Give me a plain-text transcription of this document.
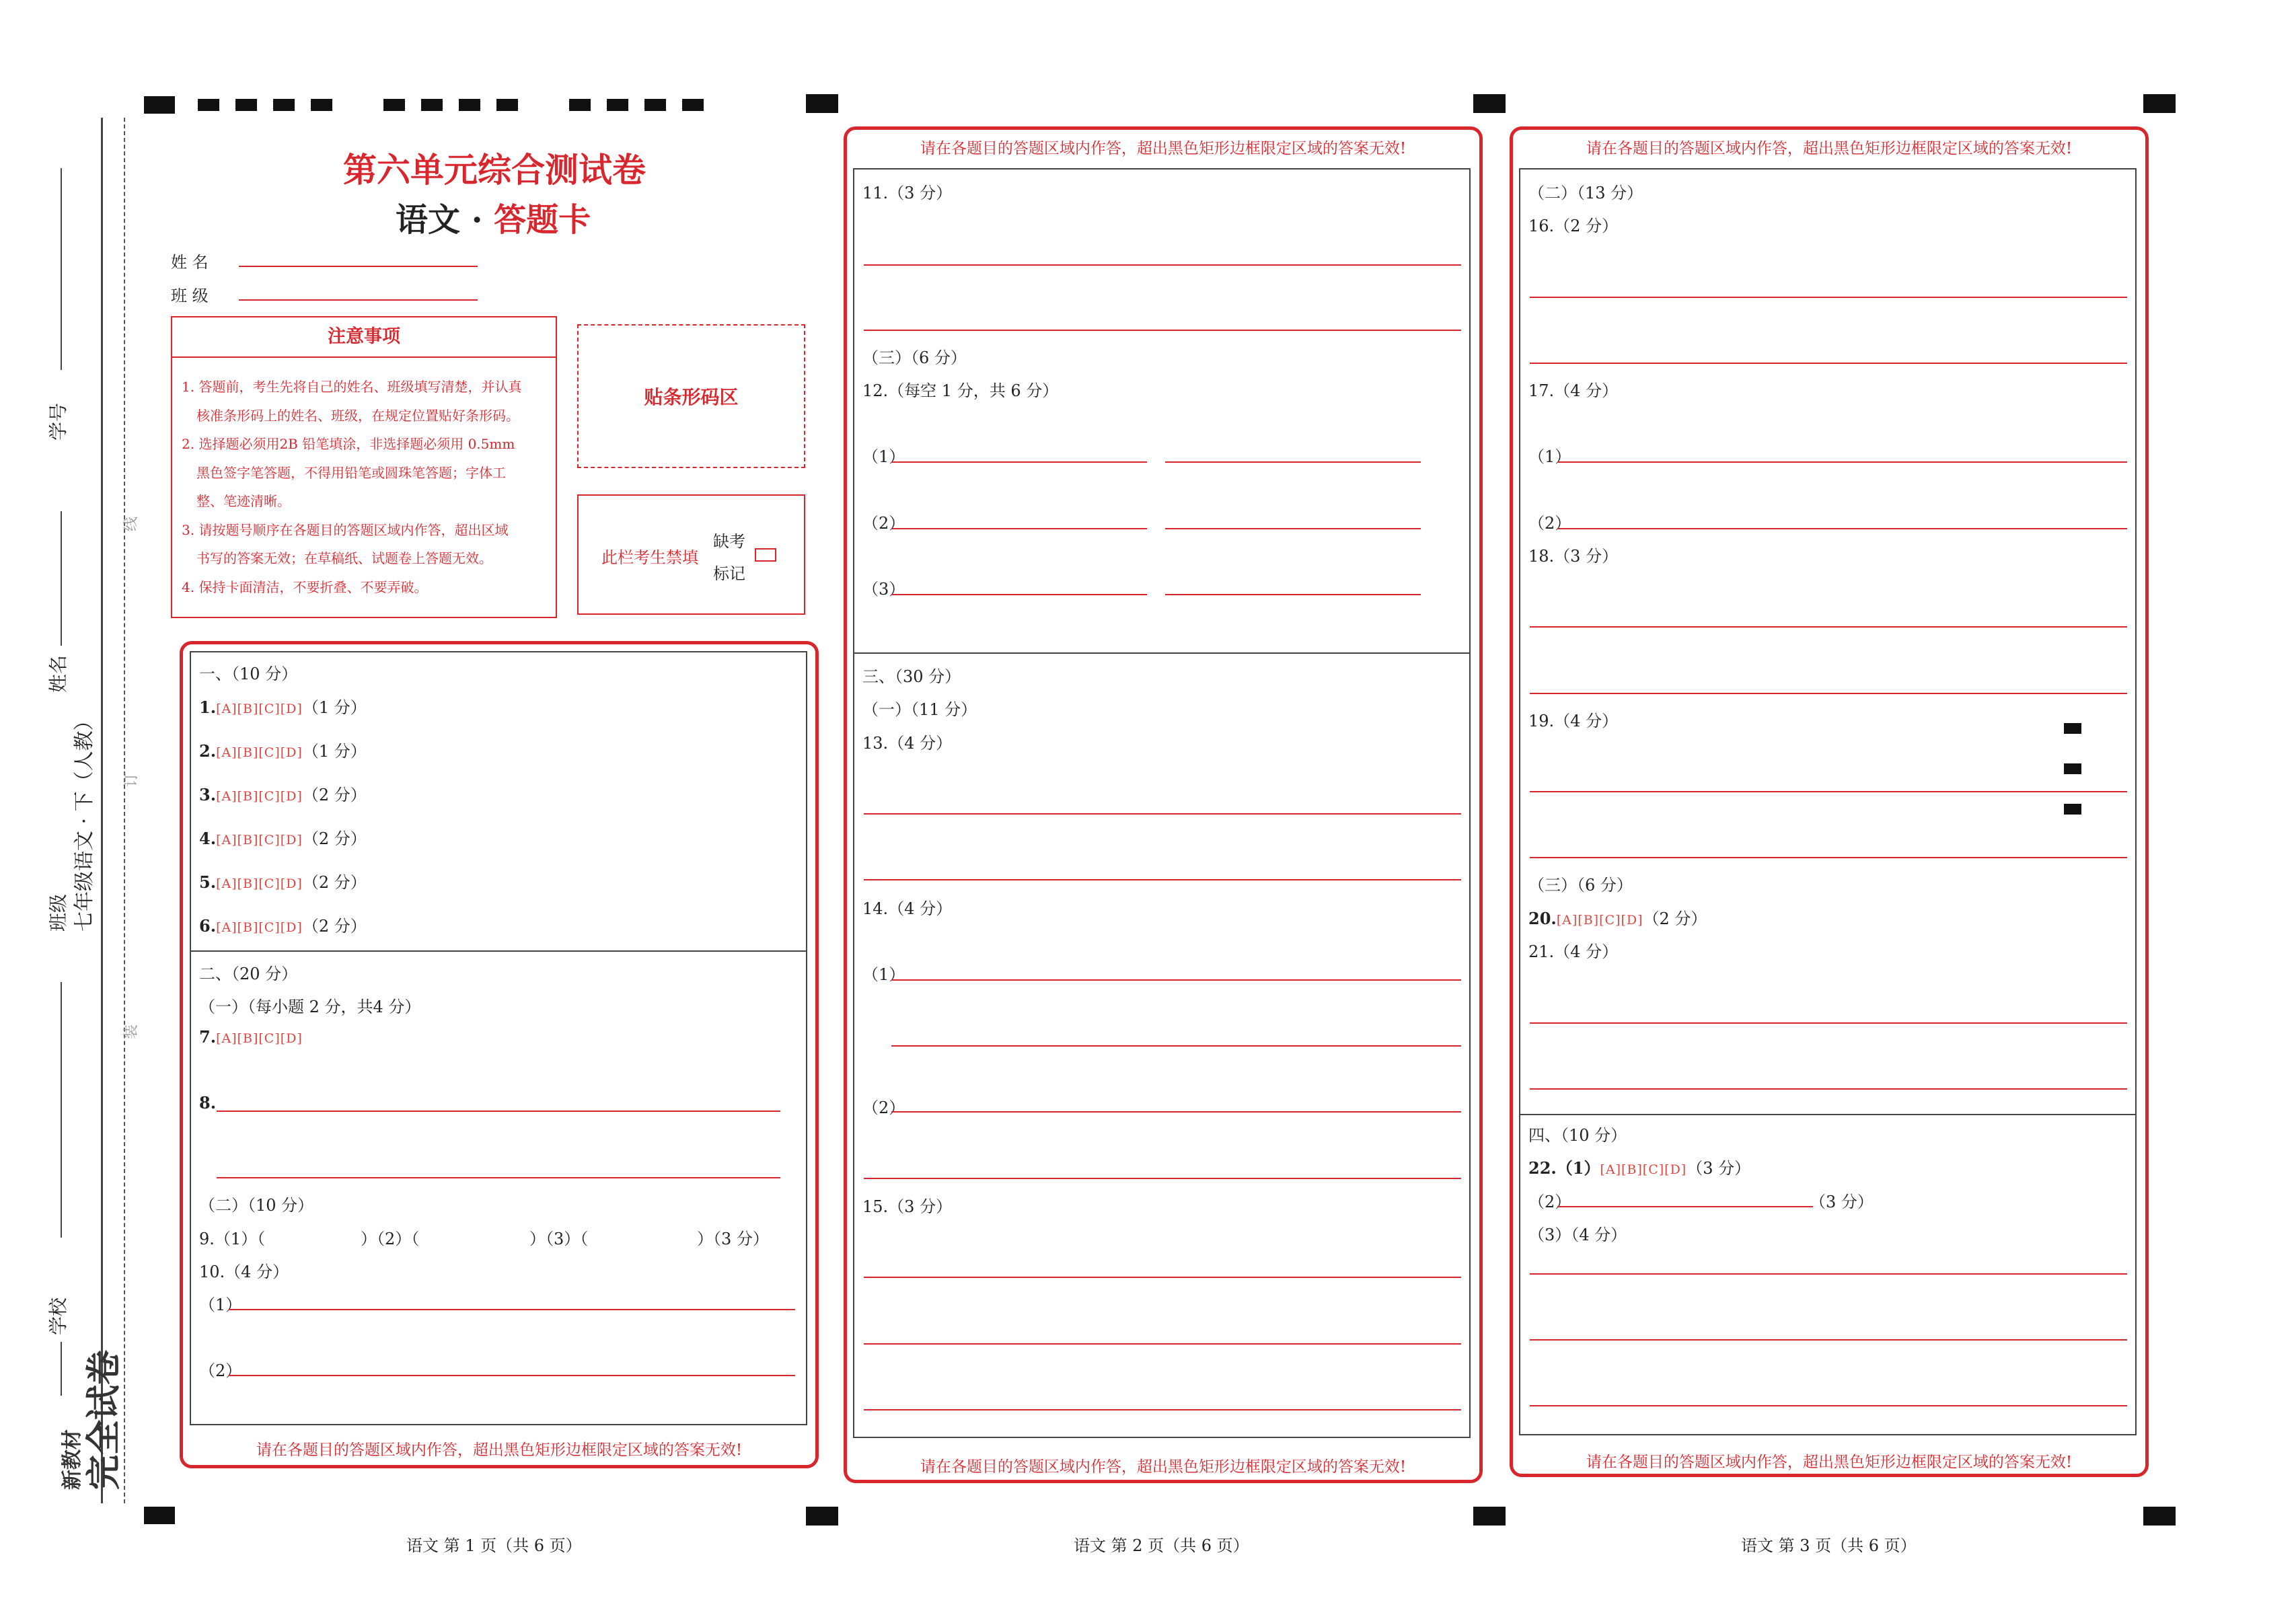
线
订
装
学号
姓名
七年级语文 · 下（人教）
班级
学校
新教材 完全试卷
第六单元综合测试卷
语文 · 答题卡
姓 名
班 级
注意事项
1. 答题前，考生先将自己的姓名、班级填写清楚，并认真
核准条形码上的姓名、班级，在规定位置贴好条形码。
2. 选择题必须用2B 铅笔填涂，非选择题必须用 0.5mm
黑色签字笔答题，不得用铅笔或圆珠笔答题；字体工
整、笔迹清晰。
3. 请按题号顺序在各题目的答题区域内作答，超出区域
书写的答案无效；在草稿纸、试题卷上答题无效。
4. 保持卡面清洁，不要折叠、不要弄破。
贴条形码区
此栏考生禁填
缺考
标记
一、（10 分）
1.[A][B][C][D]（1 分）
2.[A][B][C][D]（1 分）
3.[A][B][C][D]（2 分）
4.[A][B][C][D]（2 分）
5.[A][B][C][D]（2 分）
6.[A][B][C][D]（2 分）
二、（20 分）
（一）（每小题 2 分，共4 分）
7.[A][B][C][D]
8.
（二）（10 分）
9.（1）（	）（2）（	）（3）（	）（3 分）
10.（4 分）
（1）
（2）
请在各题目的答题区域内作答，超出黑色矩形边框限定区域的答案无效!
请在各题目的答题区域内作答，超出黑色矩形边框限定区域的答案无效!
11.（3 分）
（三）（6 分）
12.（每空 1 分，共 6 分）
（1）
（2）
（3）
三、（30 分）
（一）（11 分）
13.（4 分）
14.（4 分）
（1）
（2）
15.（3 分）
请在各题目的答题区域内作答，超出黑色矩形边框限定区域的答案无效!
请在各题目的答题区域内作答，超出黑色矩形边框限定区域的答案无效!
（二）（13 分）
16.（2 分）
17.（4 分）
（1）
（2）
18.（3 分）
19.（4 分）
（三）（6 分）
20.[A][B][C][D]（2 分）
21.（4 分）
四、（10 分）
22.（1）[A][B][C][D]（3 分）
（2）	（3 分）
（3）（4 分）
请在各题目的答题区域内作答，超出黑色矩形边框限定区域的答案无效!
语文 第 1 页（共 6 页）	语文 第 2 页（共 6 页）	语文 第 3 页（共 6 页）
